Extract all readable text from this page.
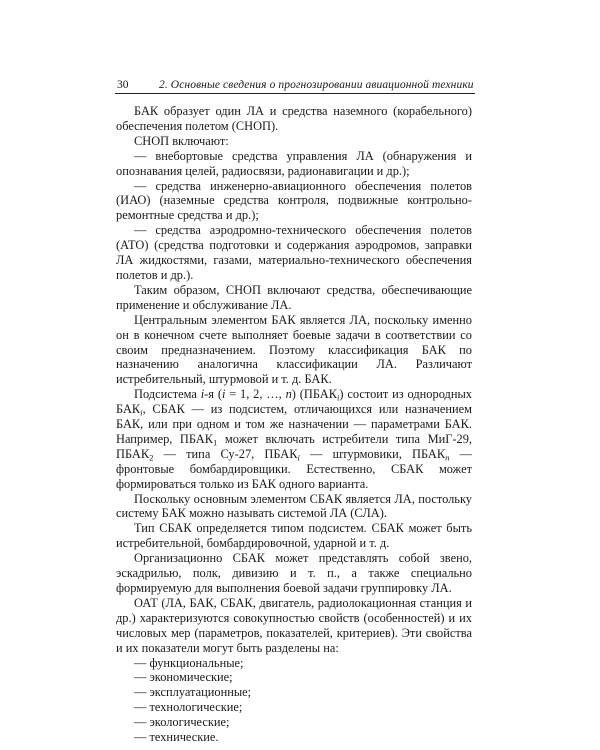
30	2. Основные сведения о прогнозировании авиационной техники

БАК образует один ЛА и средства наземного (корабельного) обеспечения полетом (СНОП).

СНОП включают:

— внебортовые средства управления ЛА (обнаружения и опознавания целей, радиосвязи, радионавигации и др.);

— средства инженерно-авиационного обеспечения полетов (ИАО) (наземные средства контроля, подвижные контрольно-ремонтные средства и др.);

— средства аэродромно-технического обеспечения полетов (АТО) (средства подготовки и содержания аэродромов, заправки ЛА жидкостями, газами, материально-технического обеспечения полетов и др.).

Таким образом, СНОП включают средства, обеспечивающие применение и обслуживание ЛА.

Центральным элементом БАК является ЛА, поскольку именно он в конечном счете выполняет боевые задачи в соответствии со своим предназначением. Поэтому классификация БАК по назначению аналогична классификации ЛА. Различают истребительный, штурмовой и т. д. БАК.

Подсистема i-я (i = 1, 2, …, n) $(ПБАК_i)$ состоит из однородных $БАК_i$, СБАК — из подсистем, отличающихся или назначением БАК, или при одном и том же назначении — параметрами БАК. Например, $ПБАК_1$ может включать истребители типа МиГ-29, $ПБАК_2$ — типа Су-27, $ПБАК_i$ — штурмовики, $ПБАК_n$ — фронтовые бомбардировщики. Естественно, СБАК может формироваться только из БАК одного варианта.

Поскольку основным элементом СБАК является ЛА, постольку систему БАК можно называть системой ЛА (СЛА).

Тип СБАК определяется типом подсистем. СБАК может быть истребительной, бомбардировочной, ударной и т. д.

Организационно СБАК может представлять собой звено, эскадрилью, полк, дивизию и т. п., а также специально формируемую для выполнения боевой задачи группировку ЛА.

ОАТ (ЛА, БАК, СБАК, двигатель, радиолокационная станция и др.) характеризуются совокупностью свойств (особенностей) и их числовых мер (параметров, показателей, критериев). Эти свойства и их показатели могут быть разделены на:

— функциональные;
— экономические;
— эксплуатационные;
— технологические;
— экологические;
— технические.
